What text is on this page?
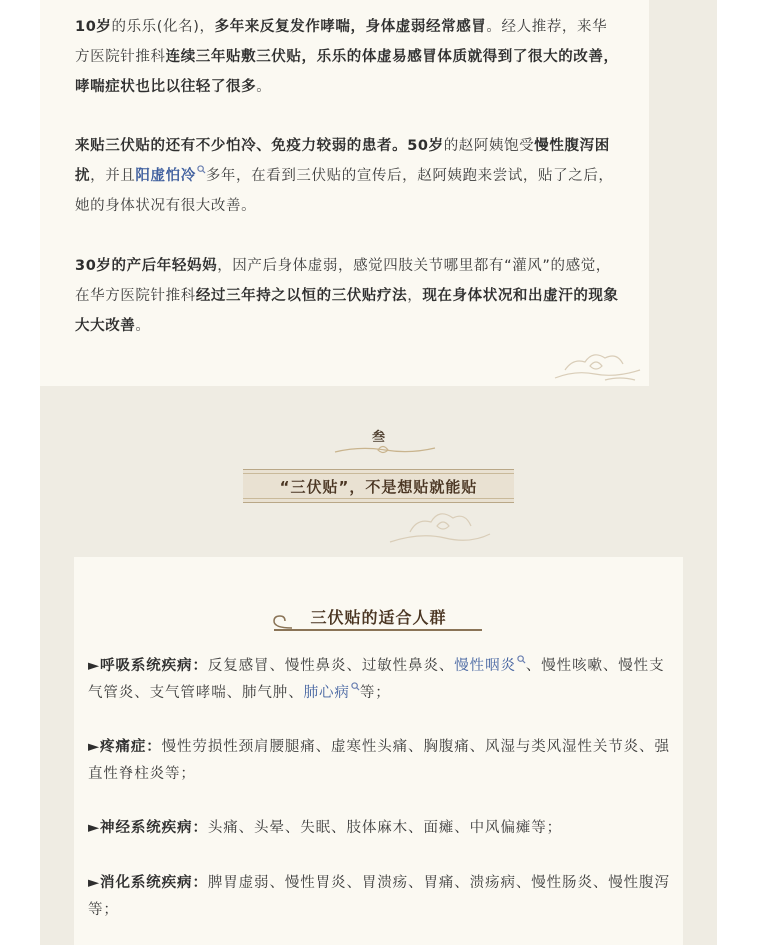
10岁的乐乐(化名)，多年来反复发作哮喘，身体虚弱经常感冒。经人推荐，来华方医院针推科连续三年贴敷三伏贴，乐乐的体虚易感冒体质就得到了很大的改善，哮喘症状也比以往轻了很多。

来贴三伏贴的还有不少怕冷、免疫力较弱的患者。50岁的赵阿姨饱受慢性腹泻困扰，并且阳虚怕冷 多年，在看到三伏贴的宣传后，赵阿姨跑来尝试，贴了之后，她的身体状况有很大改善。

30岁的产后年轻妈妈，因产后身体虚弱，感觉四肢关节哪里都有“灌风”的感觉，在华方医院针推科经过三年持之以恒的三伏贴疗法，现在身体状况和出虚汗的现象大大改善。

叁
“三伏贴”，不是想贴就能贴
三伏贴的适合人群

►呼吸系统疾病：反复感冒、慢性鼻炎、过敏性鼻炎、慢性咽炎 、慢性咳嗽、慢性支气管炎、支气管哮喘、肺气肿、肺心病 等；

►疼痛症：慢性劳损性颈肩腰腿痛、虚寒性头痛、胸腹痛、风湿与类风湿性关节炎、强直性脊柱炎等；

►神经系统疾病：头痛、头晕、失眠、肢体麻木、面瘫、中风偏瘫等；

►消化系统疾病：脾胃虚弱、慢性胃炎、胃溃疡、胃痛、溃疡病、慢性肠炎、慢性腹泻等；
